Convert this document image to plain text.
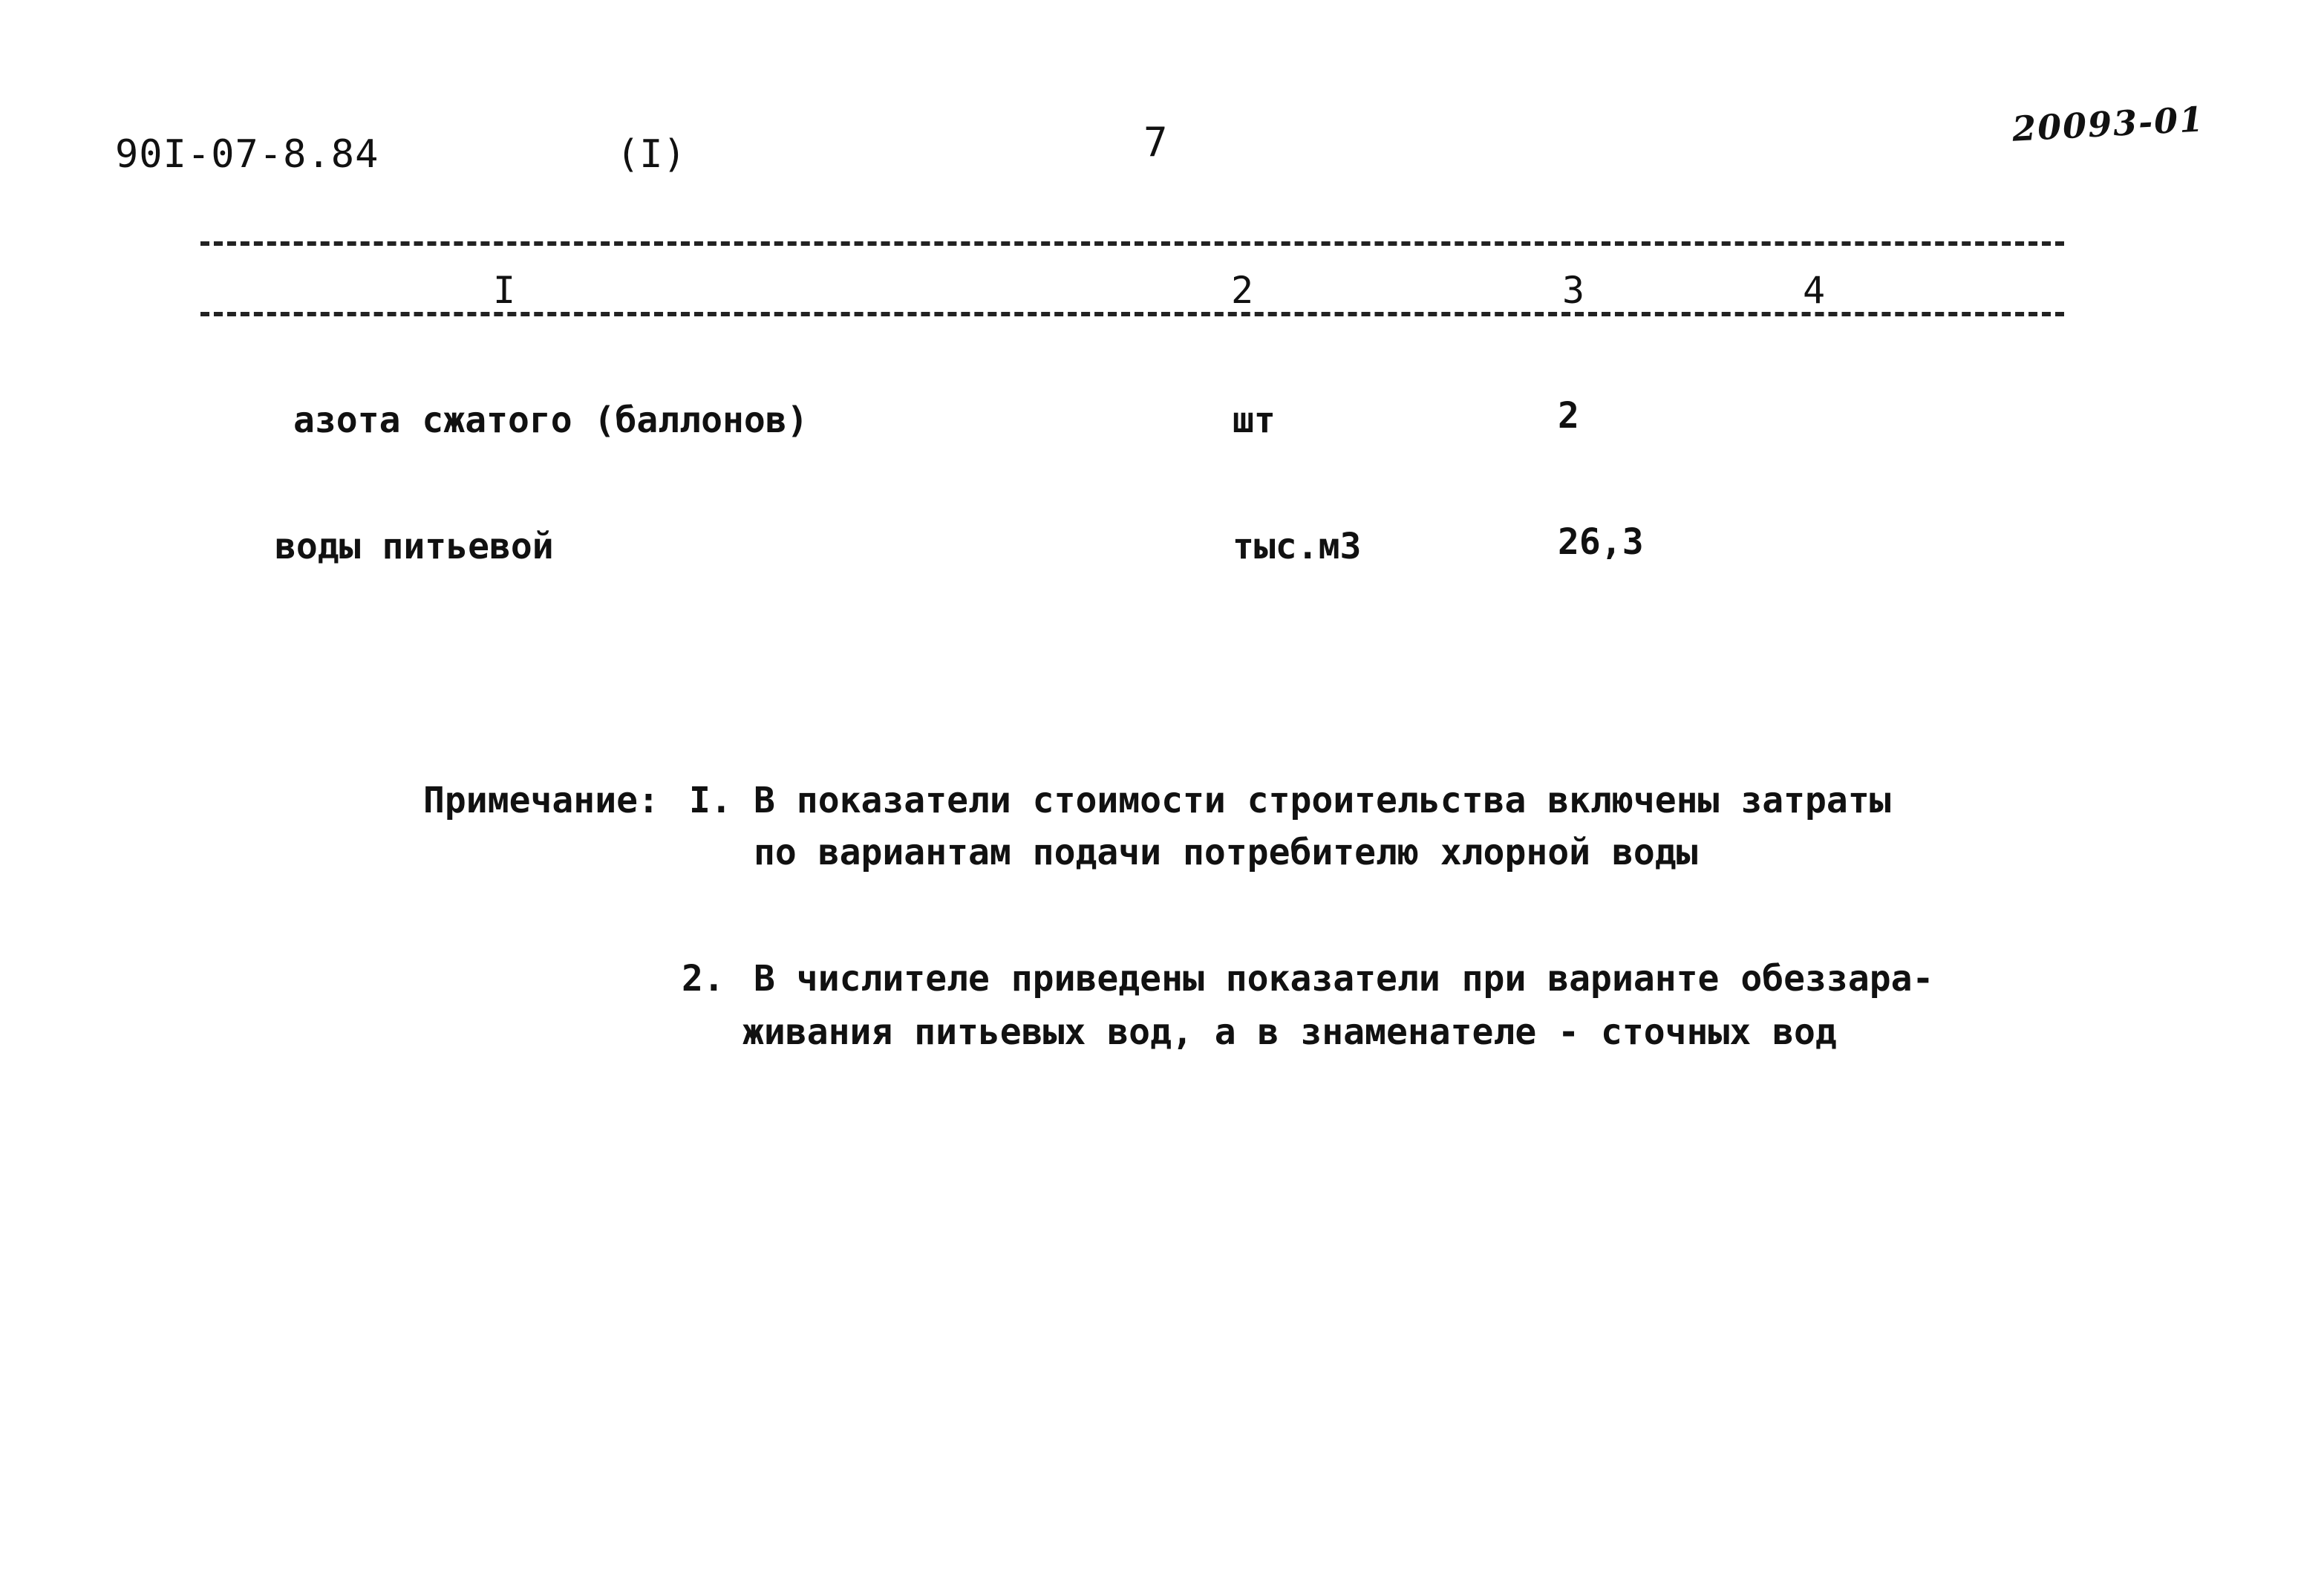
90I-07-8.84	(I)	7	20093-01
I	2	3	4
азота сжатого (баллонов)	шт	2
воды питьевой	тыс.м3	26,3
Примечание: I. В показатели стоимости строительства включены затраты
по вариантам подачи потребителю хлорной воды
2. В числителе приведены показатели при варианте обеззара-
живания питьевых вод, а в знаменателе - сточных вод
